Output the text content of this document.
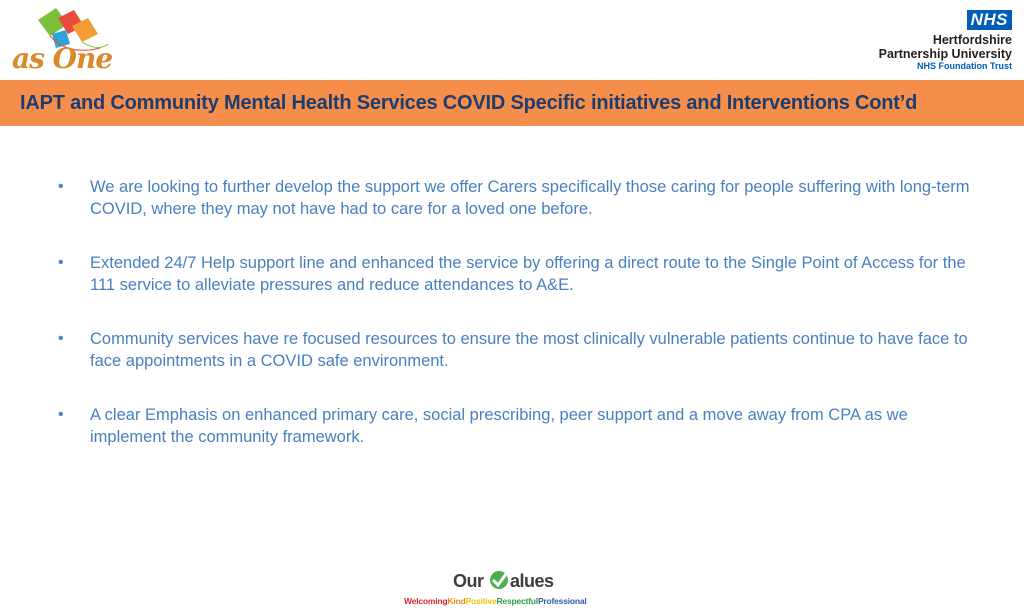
as One
NHS
Hertfordshire
Partnership University
NHS Foundation Trust
IAPT and Community Mental Health Services COVID Specific initiatives and Interventions Cont’d
•	We are looking to further develop the support we offer Carers specifically those caring for people suffering with long-term COVID, where they may not have had to care for a loved one before.
•	Extended 24/7 Help support line and enhanced the service by offering a direct route to the Single Point of Access for the 111 service to alleviate pressures and reduce attendances to A&E.
•	Community services have re focused resources to ensure the most clinically vulnerable patients continue to have face to face appointments in a COVID safe environment.
•	A clear Emphasis on enhanced primary care, social prescribing, peer support and a move away from CPA as we implement the community framework.
Our alues
WelcomingKindPositiveRespectfulProfessional
